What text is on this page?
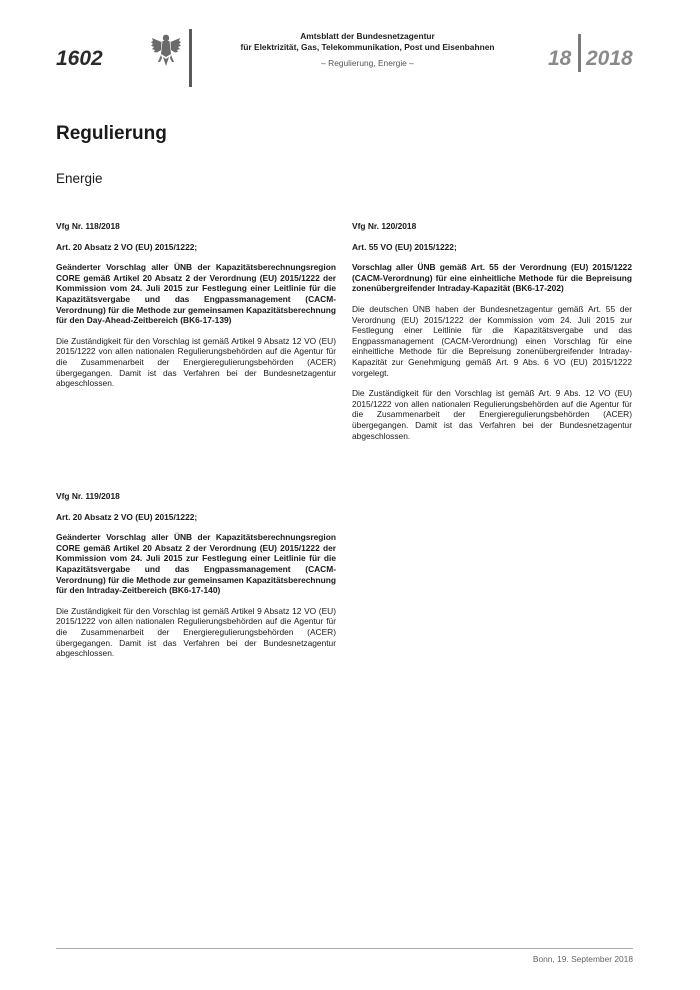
1602
Amtsblatt der Bundesnetzagentur
für Elektrizität, Gas, Telekommunikation, Post und Eisenbahnen
– Regulierung, Energie –	18 2018
Regulierung
Energie

Vfg Nr. 118/2018

Art. 20 Absatz 2 VO (EU) 2015/1222;

Geänderter Vorschlag aller ÜNB der Kapazitätsberechnungsregion CORE gemäß Artikel 20 Absatz 2 der Verordnung (EU) 2015/1222 der Kommission vom 24. Juli 2015 zur Festlegung einer Leitlinie für die Kapazitätsvergabe und das Engpassmanagement (CACM-Verordnung) für die Methode zur gemeinsamen Kapazitätsberechnung für den Day-Ahead-Zeitbereich (BK6-17-139)

Die Zuständigkeit für den Vorschlag ist gemäß Artikel 9 Absatz 12 VO (EU) 2015/1222 von allen nationalen Regulierungsbehörden auf die Agentur für die Zusammenarbeit der Energieregulierungsbehörden (ACER) übergegangen. Damit ist das Verfahren bei der Bundesnetzagentur abgeschlossen.

Vfg Nr. 119/2018

Art. 20 Absatz 2 VO (EU) 2015/1222;

Geänderter Vorschlag aller ÜNB der Kapazitätsberechnungsregion CORE gemäß Artikel 20 Absatz 2 der Verordnung (EU) 2015/1222 der Kommission vom 24. Juli 2015 zur Festlegung einer Leitlinie für die Kapazitätsvergabe und das Engpassmanagement (CACM-Verordnung) für die Methode zur gemeinsamen Kapazitätsberechnung für den Intraday-Zeitbereich (BK6-17-140)

Die Zuständigkeit für den Vorschlag ist gemäß Artikel 9 Absatz 12 VO (EU) 2015/1222 von allen nationalen Regulierungsbehörden auf die Agentur für die Zusammenarbeit der Energieregulierungsbehörden (ACER) übergegangen. Damit ist das Verfahren bei der Bundesnetzagentur abgeschlossen.

Vfg Nr. 120/2018

Art. 55 VO (EU) 2015/1222;

Vorschlag aller ÜNB gemäß Art. 55 der Verordnung (EU) 2015/1222 (CACM-Verordnung) für eine einheitliche Methode für die Bepreisung zonenübergreifender Intraday-Kapazität (BK6-17-202)

Die deutschen ÜNB haben der Bundesnetzagentur gemäß Art. 55 der Verordnung (EU) 2015/1222 der Kommission vom 24. Juli 2015 zur Festlegung einer Leitlinie für die Kapazitätsvergabe und das Engpassmanagement (CACM-Verordnung) einen Vorschlag für eine einheitliche Methode für die Bepreisung zonenübergreifender Intraday-Kapazität zur Genehmigung gemäß Art. 9 Abs. 6 VO (EU) 2015/1222 vorgelegt.

Die Zuständigkeit für den Vorschlag ist gemäß Art. 9 Abs. 12 VO (EU) 2015/1222 von allen nationalen Regulierungsbehörden auf die Agentur für die Zusammenarbeit der Energieregulierungsbehörden (ACER) übergegangen. Damit ist das Verfahren bei der Bundesnetzagentur abgeschlossen.

Bonn, 19. September 2018
